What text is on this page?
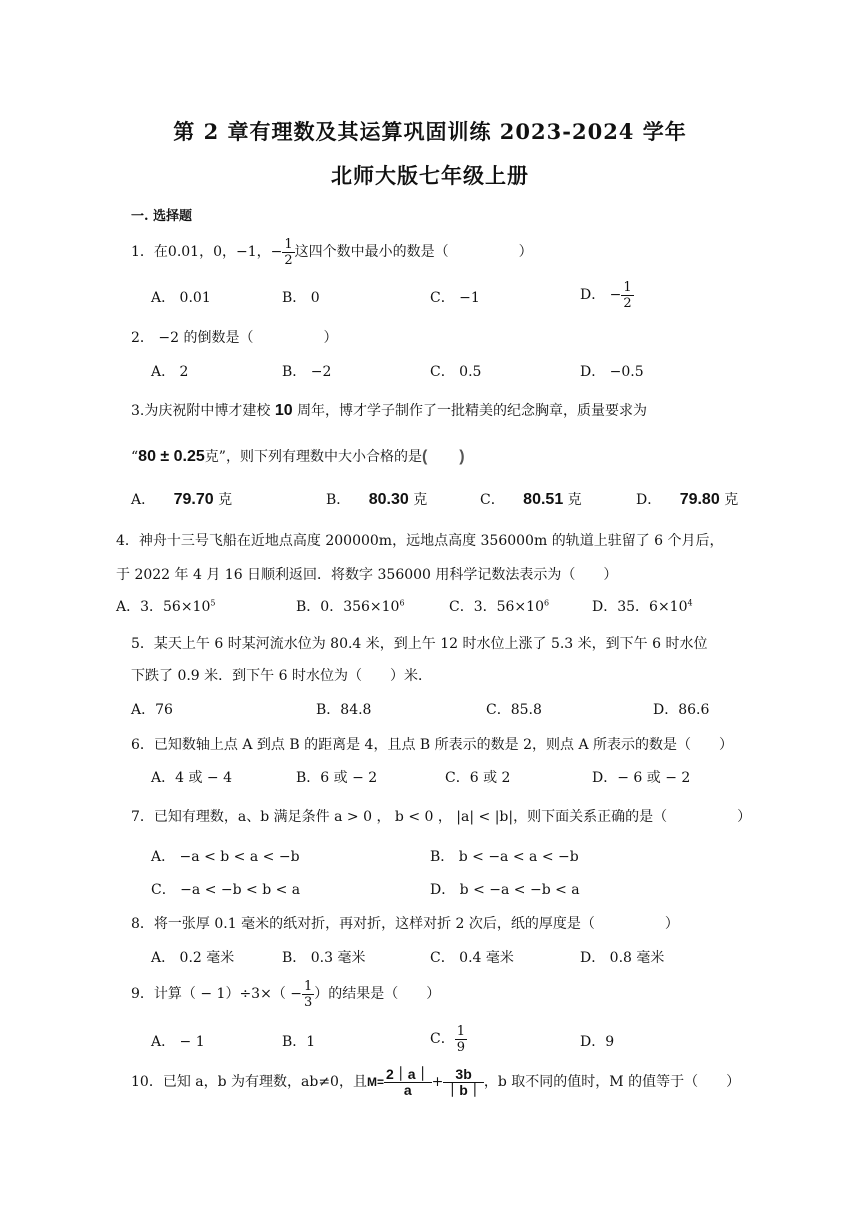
第 2 章有理数及其运算巩固训练 2023-2024 学年
北师大版七年级上册
一. 选择题
1．在0.01，0，−1，− $\frac{1}{2}$ 这四个数中最小的数是（　　　　　）
A． 0.01	B． 0	C． −1	D． − $\frac{1}{2}$
2． −2 的倒数是（　　　　　）
A． 2	B． −2	C． 0.5	D． −0.5
3.为庆祝附中博才建校 10 周年，博才学子制作了一批精美的纪念胸章，质量要求为
“80 ± 0.25克”，则下列有理数中大小合格的是(　　)
A． 79.70 克	B． 80.30 克	C． 80.51 克	D． 79.80 克
4．神舟十三号飞船在近地点高度 200000m，远地点高度 356000m 的轨道上驻留了 6 个月后，
于 2022 年 4 月 16 日顺利返回．将数字 356000 用科学记数法表示为（　　）
A．3．$56\times 10^5$	B．0．$356\times 10^6$	C．3．$56\times 10^6$	D．35．$6\times 10^4$
5．某天上午 6 时某河流水位为 80.4 米，到上午 12 时水位上涨了 5.3 米，到下午 6 时水位
下跌了 0.9 米．到下午 6 时水位为（　　）米．
A．76	B．84.8	C．85.8	D．86.6
6．已知数轴上点 A 到点 B 的距离是 4，且点 B 所表示的数是 2，则点 A 所表示的数是（　　）
A．4 或 − 4	B．6 或 − 2	C．6 或 2	D．− 6 或 − 2
7．已知有理数，a、b 满足条件 a > 0 ， b < 0 ， |a| < |b|，则下面关系正确的是（　　　　　）
A． −a < b < a < −b	B． b < −a < a < −b
C． −a < −b < b < a	D． b < −a < −b < a
8．将一张厚 0.1 毫米的纸对折，再对折，这样对折 2 次后，纸的厚度是（　　　　　）
A． 0.2 毫米	B． 0.3 毫米	C． 0.4 毫米	D． 0.8 毫米
9．计算（ − $1)\div 3\times( - \frac{1}{3}$ ）的结果是（　　）
A． − 1	B．1	C． $\frac{1}{9}$	D．9
10．已知 a，b 为有理数，ab≠0，且$M= \frac{2|a|}{a} + \frac{3b}{|b|}$ ，b 取不同的值时，M 的值等于（　　）
